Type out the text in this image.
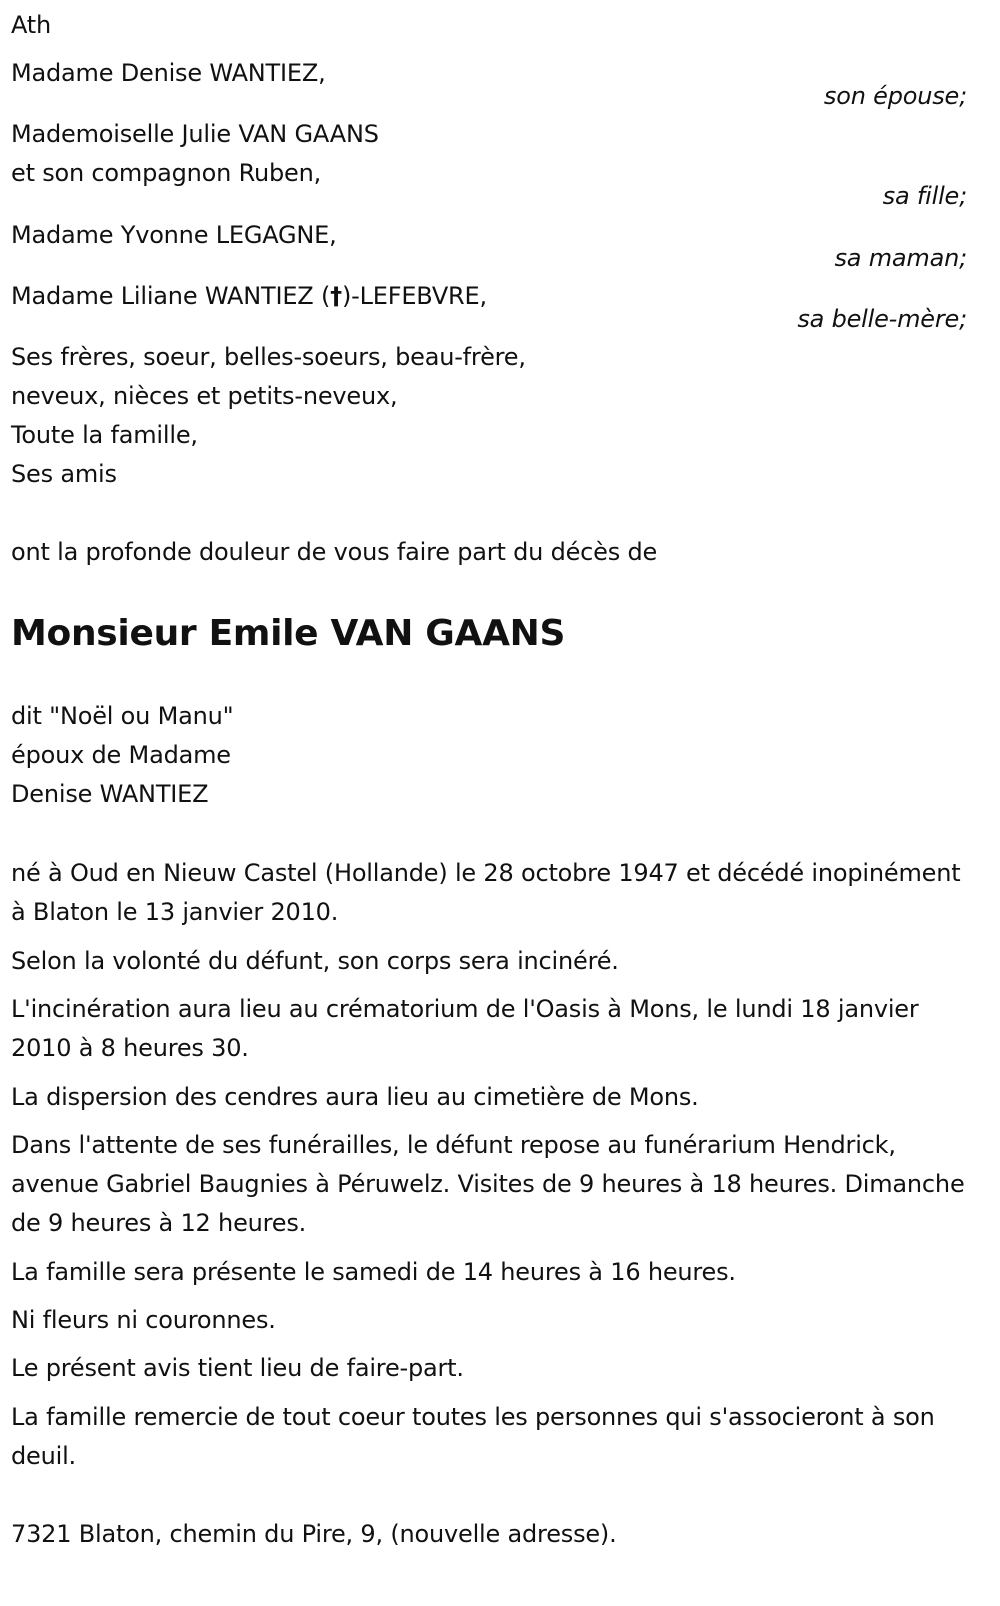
Ath
Madame Denise WANTIEZ,
son épouse;
Mademoiselle Julie VAN GAANS
et son compagnon Ruben,
sa fille;
Madame Yvonne LEGAGNE,
sa maman;
Madame Liliane WANTIEZ (†)-LEFEBVRE,
sa belle-mère;
Ses frères, soeur, belles-soeurs, beau-frère,
neveux, nièces et petits-neveux,
Toute la famille,
Ses amis
ont la profonde douleur de vous faire part du décès de
Monsieur Emile VAN GAANS
dit "Noël ou Manu"
époux de Madame
Denise WANTIEZ
né à Oud en Nieuw Castel (Hollande) le 28 octobre 1947 et décédé inopinément à Blaton le 13 janvier 2010.
Selon la volonté du défunt, son corps sera incinéré.
L'incinération aura lieu au crématorium de l'Oasis à Mons, le lundi 18 janvier 2010 à 8 heures 30.
La dispersion des cendres aura lieu au cimetière de Mons.
Dans l'attente de ses funérailles, le défunt repose au funérarium Hendrick, avenue Gabriel Baugnies à Péruwelz. Visites de 9 heures à 18 heures. Dimanche de 9 heures à 12 heures.
La famille sera présente le samedi de 14 heures à 16 heures.
Ni fleurs ni couronnes.
Le présent avis tient lieu de faire-part.
La famille remercie de tout coeur toutes les personnes qui s'associeront à son deuil.
7321 Blaton, chemin du Pire, 9, (nouvelle adresse).
